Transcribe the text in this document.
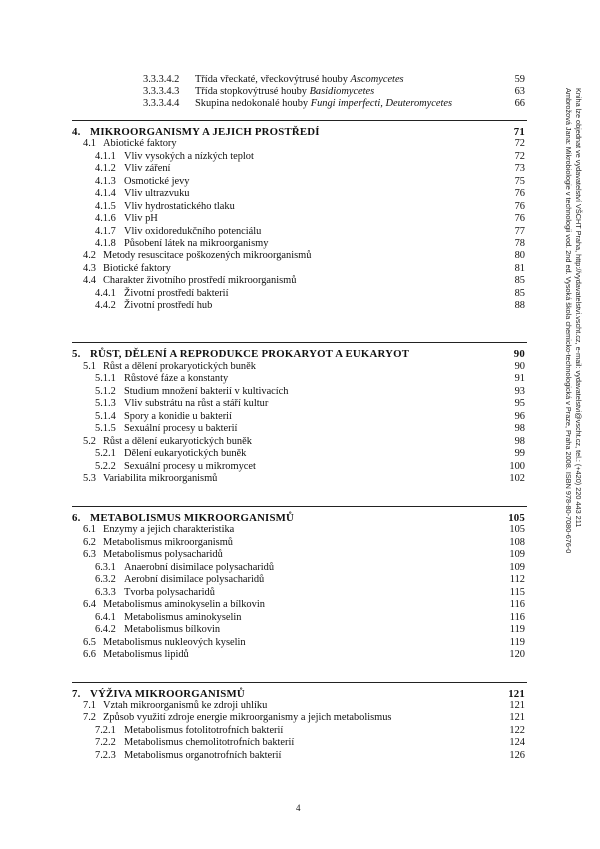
3.3.3.4.2 Třída vřeckaté, vřeckovýtrusé houby Ascomycetes	59
3.3.3.4.3 Třída stopkovýtrusé houby Basidiomycetes	63
3.3.3.4.4 Skupina nedokonalé houby Fungi imperfecti, Deuteromycetes	66
4. MIKROORGANISMY A JEJICH PROSTŘEDÍ	71
4.1 Abiotické faktory	72
4.1.1 Vliv vysokých a nízkých teplot	72
4.1.2 Vliv záření	73
4.1.3 Osmotické jevy	75
4.1.4 Vliv ultrazvuku	76
4.1.5 Vliv hydrostatického tlaku	76
4.1.6 Vliv pH	76
4.1.7 Vliv oxidoredukčního potenciálu	77
4.1.8 Působení látek na mikroorganismy	78
4.2 Metody resuscitace poškozených mikroorganismů	80
4.3 Biotické faktory	81
4.4 Charakter životního prostředí mikroorganismů	85
4.4.1 Životní prostředí bakterií	85
4.4.2 Životní prostředí hub	88
5. RŮST, DĚLENÍ A REPRODUKCE PROKARYOT A EUKARYOT	90
5.1 Růst a dělení prokaryotických buněk	90
5.1.1 Růstové fáze a konstanty	91
5.1.2 Studium množení bakterií v kultivacích	93
5.1.3 Vliv substrátu na růst a stáří kultur	95
5.1.4 Spory a konidie u bakterií	96
5.1.5 Sexuální procesy u bakterií	98
5.2 Růst a dělení eukaryotických buněk	98
5.2.1 Dělení eukaryotických buněk	99
5.2.2 Sexuální procesy u mikromycet	100
5.3 Variabilita mikroorganismů	102
6. METABOLISMUS MIKROORGANISMŮ	105
6.1 Enzymy a jejich charakteristika	105
6.2 Metabolismus mikroorganismů	108
6.3 Metabolismus polysacharidů	109
6.3.1 Anaerobní disimilace polysacharidů	109
6.3.2 Aerobní disimilace polysacharidů	112
6.3.3 Tvorba polysacharidů	115
6.4 Metabolismus aminokyselin a bílkovin	116
6.4.1 Metabolismus aminokyselin	116
6.4.2 Metabolismus bílkovin	119
6.5 Metabolismus nukleových kyselin	119
6.6 Metabolismus lipidů	120
7. VÝŽIVA MIKROORGANISMŮ	121
7.1 Vztah mikroorganismů ke zdroji uhlíku	121
7.2 Způsob využití zdroje energie mikroorganismy a jejich metabolismus	121
7.2.1 Metabolismus fotolitotrofních bakterií	122
7.2.2 Metabolismus chemolitotrofních bakterií	124
7.2.3 Metabolismus organotrofních bakterií	126
4
Ambrožová Jana: Mikrobiologie v technologii vod. 2nd ed. Vysoká škola chemicko-technologická v Praze, Praha 2008. ISBN 978-80-7080-676-0 Kniha lze objednat ve vydavatelství VŠCHT Praha, http://vydavatelstvi.vscht.cz, e-mail: vydavatelstvi@vscht.cz, tel.: (+420) 220 443 211
